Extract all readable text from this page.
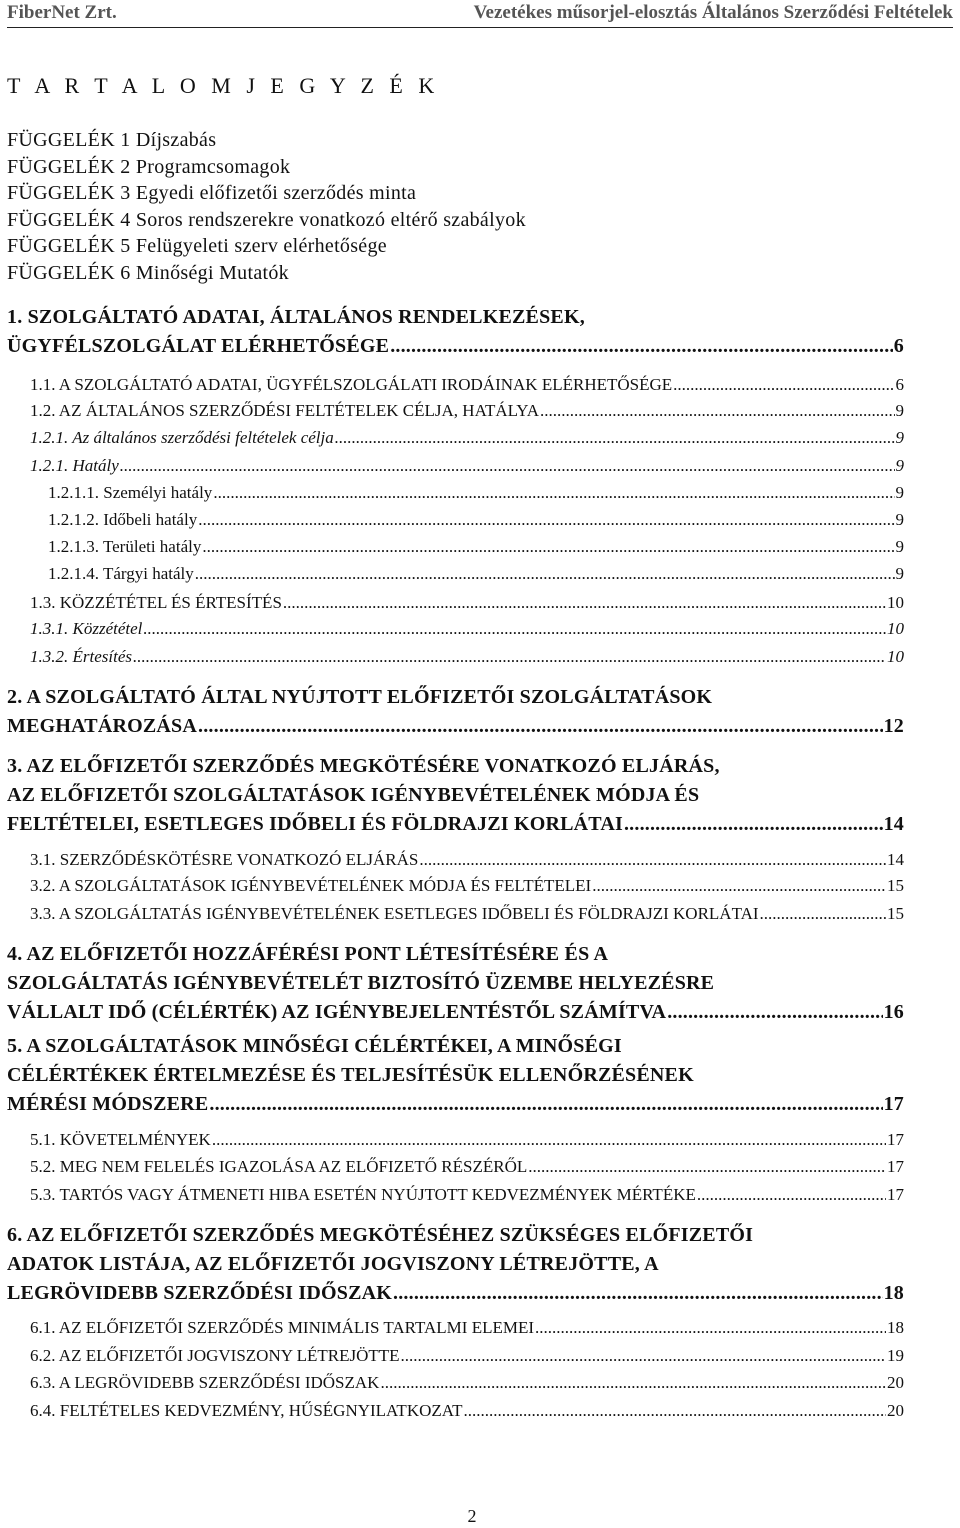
FiberNet Zrt.	Vezetékes műsorjel-elosztás Általános Szerződési Feltételek
T A R T A L O M J E G Y Z É K
FÜGGELÉK 1 Díjszabás
FÜGGELÉK 2 Programcsomagok
FÜGGELÉK 3 Egyedi előfizetői szerződés minta
FÜGGELÉK 4 Soros rendszerekre vonatkozó eltérő szabályok
FÜGGELÉK 5 Felügyeleti szerv elérhetősége
FÜGGELÉK 6 Minőségi Mutatók
1. SZOLGÁLTATÓ ADATAI, ÁLTALÁNOS RENDELKEZÉSEK,
ÜGYFÉLSZOLGÁLAT ELÉRHETŐSÉGE .....	6
1.1. A SZOLGÁLTATÓ ADATAI, ÜGYFÉLSZOLGÁLATI IRODÁINAK ELÉRHETŐSÉGE .....	6
1.2. AZ ÁLTALÁNOS SZERZŐDÉSI FELTÉTELEK CÉLJA, HATÁLYA .....	9
1.2.1. Az általános szerződési feltételek célja .....	9
1.2.1. Hatály .....	9
1.2.1.1. Személyi hatály .....	9
1.2.1.2. Időbeli hatály .....	9
1.2.1.3. Területi hatály .....	9
1.2.1.4. Tárgyi hatály .....	9
1.3. KÖZZÉTÉTEL ÉS ÉRTESÍTÉS .....	10
1.3.1. Közzététel .....	10
1.3.2. Értesítés .....	10
2. A SZOLGÁLTATÓ ÁLTAL NYÚJTOTT ELŐFIZETŐI SZOLGÁLTATÁSOK
MEGHATÁROZÁSA .....	12
3. AZ ELŐFIZETŐI SZERZŐDÉS MEGKÖTÉSÉRE VONATKOZÓ ELJÁRÁS,
AZ ELŐFIZETŐI SZOLGÁLTATÁSOK IGÉNYBEVÉTELÉNEK MÓDJA ÉS
FELTÉTELEI, ESETLEGES IDŐBELI ÉS FÖLDRAJZI KORLÁTAI .....	14
3.1. SZERZŐDÉSKÖTÉSRE VONATKOZÓ ELJÁRÁS .....	14
3.2. A SZOLGÁLTATÁSOK IGÉNYBEVÉTELÉNEK MÓDJA ÉS FELTÉTELEI .....	15
3.3. A SZOLGÁLTATÁS IGÉNYBEVÉTELÉNEK ESETLEGES IDŐBELI ÉS FÖLDRAJZI KORLÁTAI .....	15
4. AZ ELŐFIZETŐI HOZZÁFÉRÉSI PONT LÉTESÍTÉSÉRE ÉS A
SZOLGÁLTATÁS IGÉNYBEVÉTELÉT BIZTOSÍTÓ ÜZEMBE HELYEZÉSRE
VÁLLALT IDŐ (CÉLÉRTÉK) AZ IGÉNYBEJELENTÉSTŐL SZÁMÍTVA .....	16
5. A SZOLGÁLTATÁSOK MINŐSÉGI CÉLÉRTÉKEI, A MINŐSÉGI
CÉLÉRTÉKEK ÉRTELMEZÉSE ÉS TELJESÍTÉSÜK ELLENŐRZÉSÉNEK
MÉRÉSI MÓDSZERE .....	17
5.1. KÖVETELMÉNYEK .....	17
5.2. MEG NEM FELELÉS IGAZOLÁSA AZ ELŐFIZETŐ RÉSZÉRŐL .....	17
5.3. TARTÓS VAGY ÁTMENETI HIBA ESETÉN NYÚJTOTT KEDVEZMÉNYEK MÉRTÉKE .....	17
6. AZ ELŐFIZETŐI SZERZŐDÉS MEGKÖTÉSÉHEZ SZÜKSÉGES ELŐFIZETŐI
ADATOK LISTÁJA, AZ ELŐFIZETŐI JOGVISZONY LÉTREJÖTTE, A
LEGRÖVIDEBB SZERZŐDÉSI IDŐSZAK .....	18
6.1. AZ ELŐFIZETŐI SZERZŐDÉS MINIMÁLIS TARTALMI ELEMEI .....	18
6.2. AZ ELŐFIZETŐI JOGVISZONY LÉTREJÖTTE .....	19
6.3. A LEGRÖVIDEBB SZERZŐDÉSI IDŐSZAK .....	20
6.4. FELTÉTELES KEDVEZMÉNY, HŰSÉGNYILATKOZAT .....	20
2
